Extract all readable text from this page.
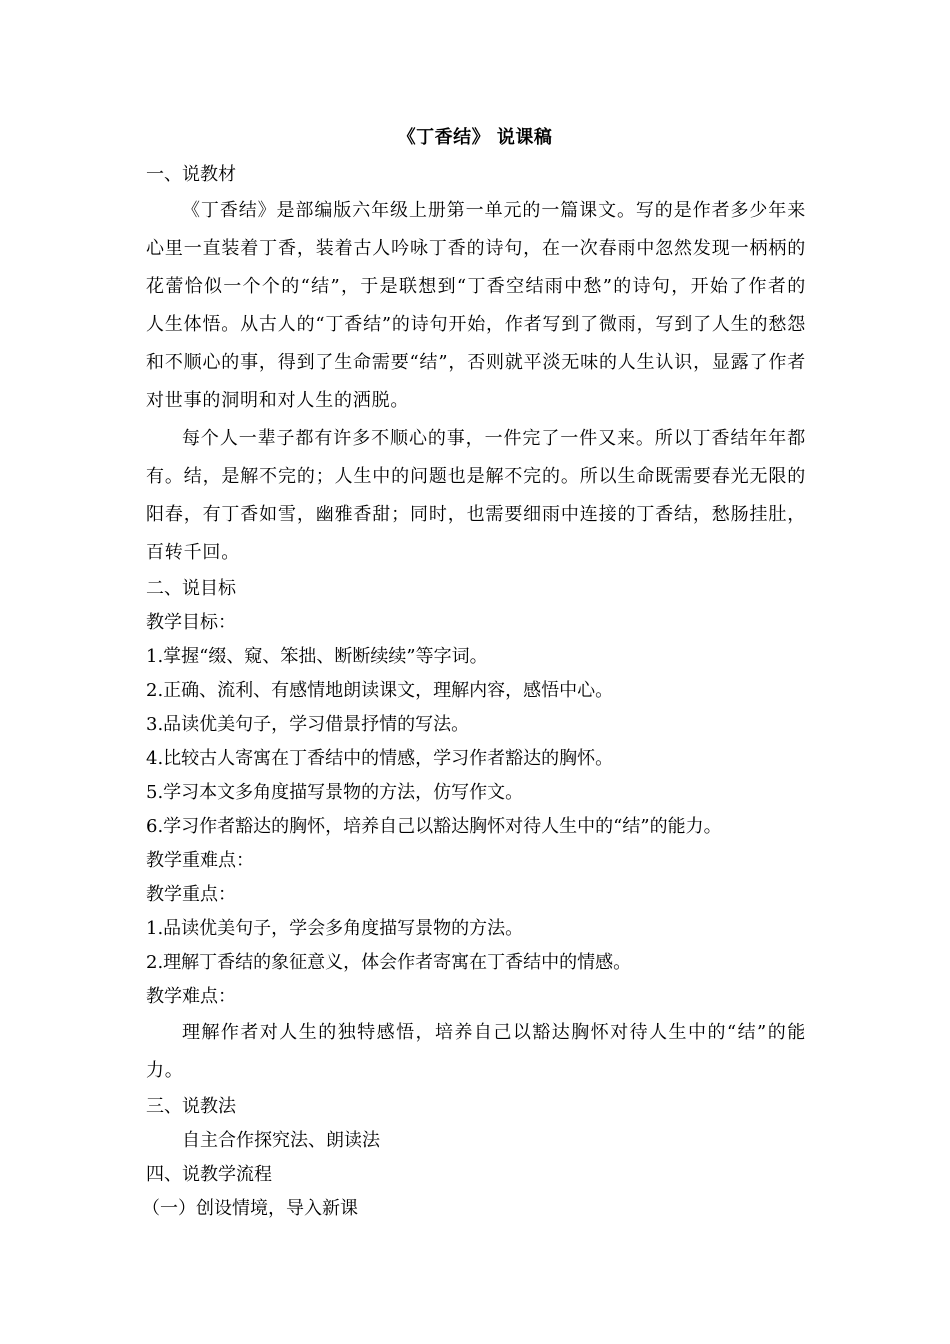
《丁香结》 说课稿
一、说教材
《丁香结》是部编版六年级上册第一单元的一篇课文。写的是作者多少年来心里一直装着丁香，装着古人吟咏丁香的诗句，在一次春雨中忽然发现一柄柄的花蕾恰似一个个的“结”，于是联想到“丁香空结雨中愁”的诗句，开始了作者的人生体悟。从古人的“丁香结”的诗句开始，作者写到了微雨，写到了人生的愁怨和不顺心的事，得到了生命需要“结”，否则就平淡无味的人生认识，显露了作者对世事的洞明和对人生的洒脱。
每个人一辈子都有许多不顺心的事，一件完了一件又来。所以丁香结年年都有。结，是解不完的；人生中的问题也是解不完的。所以生命既需要春光无限的阳春，有丁香如雪，幽雅香甜；同时，也需要细雨中连接的丁香结，愁肠挂肚，百转千回。
二、说目标
教学目标：
1.掌握“缀、窥、笨拙、断断续续”等字词。
2.正确、流利、有感情地朗读课文，理解内容，感悟中心。
3.品读优美句子，学习借景抒情的写法。
4.比较古人寄寓在丁香结中的情感，学习作者豁达的胸怀。
5.学习本文多角度描写景物的方法，仿写作文。
6.学习作者豁达的胸怀，培养自己以豁达胸怀对待人生中的“结”的能力。
教学重难点：
教学重点：
1.品读优美句子，学会多角度描写景物的方法。
2.理解丁香结的象征意义，体会作者寄寓在丁香结中的情感。
教学难点：
理解作者对人生的独特感悟，培养自己以豁达胸怀对待人生中的“结”的能力。
三、说教法
自主合作探究法、朗读法
四、说教学流程
（一）创设情境，导入新课
